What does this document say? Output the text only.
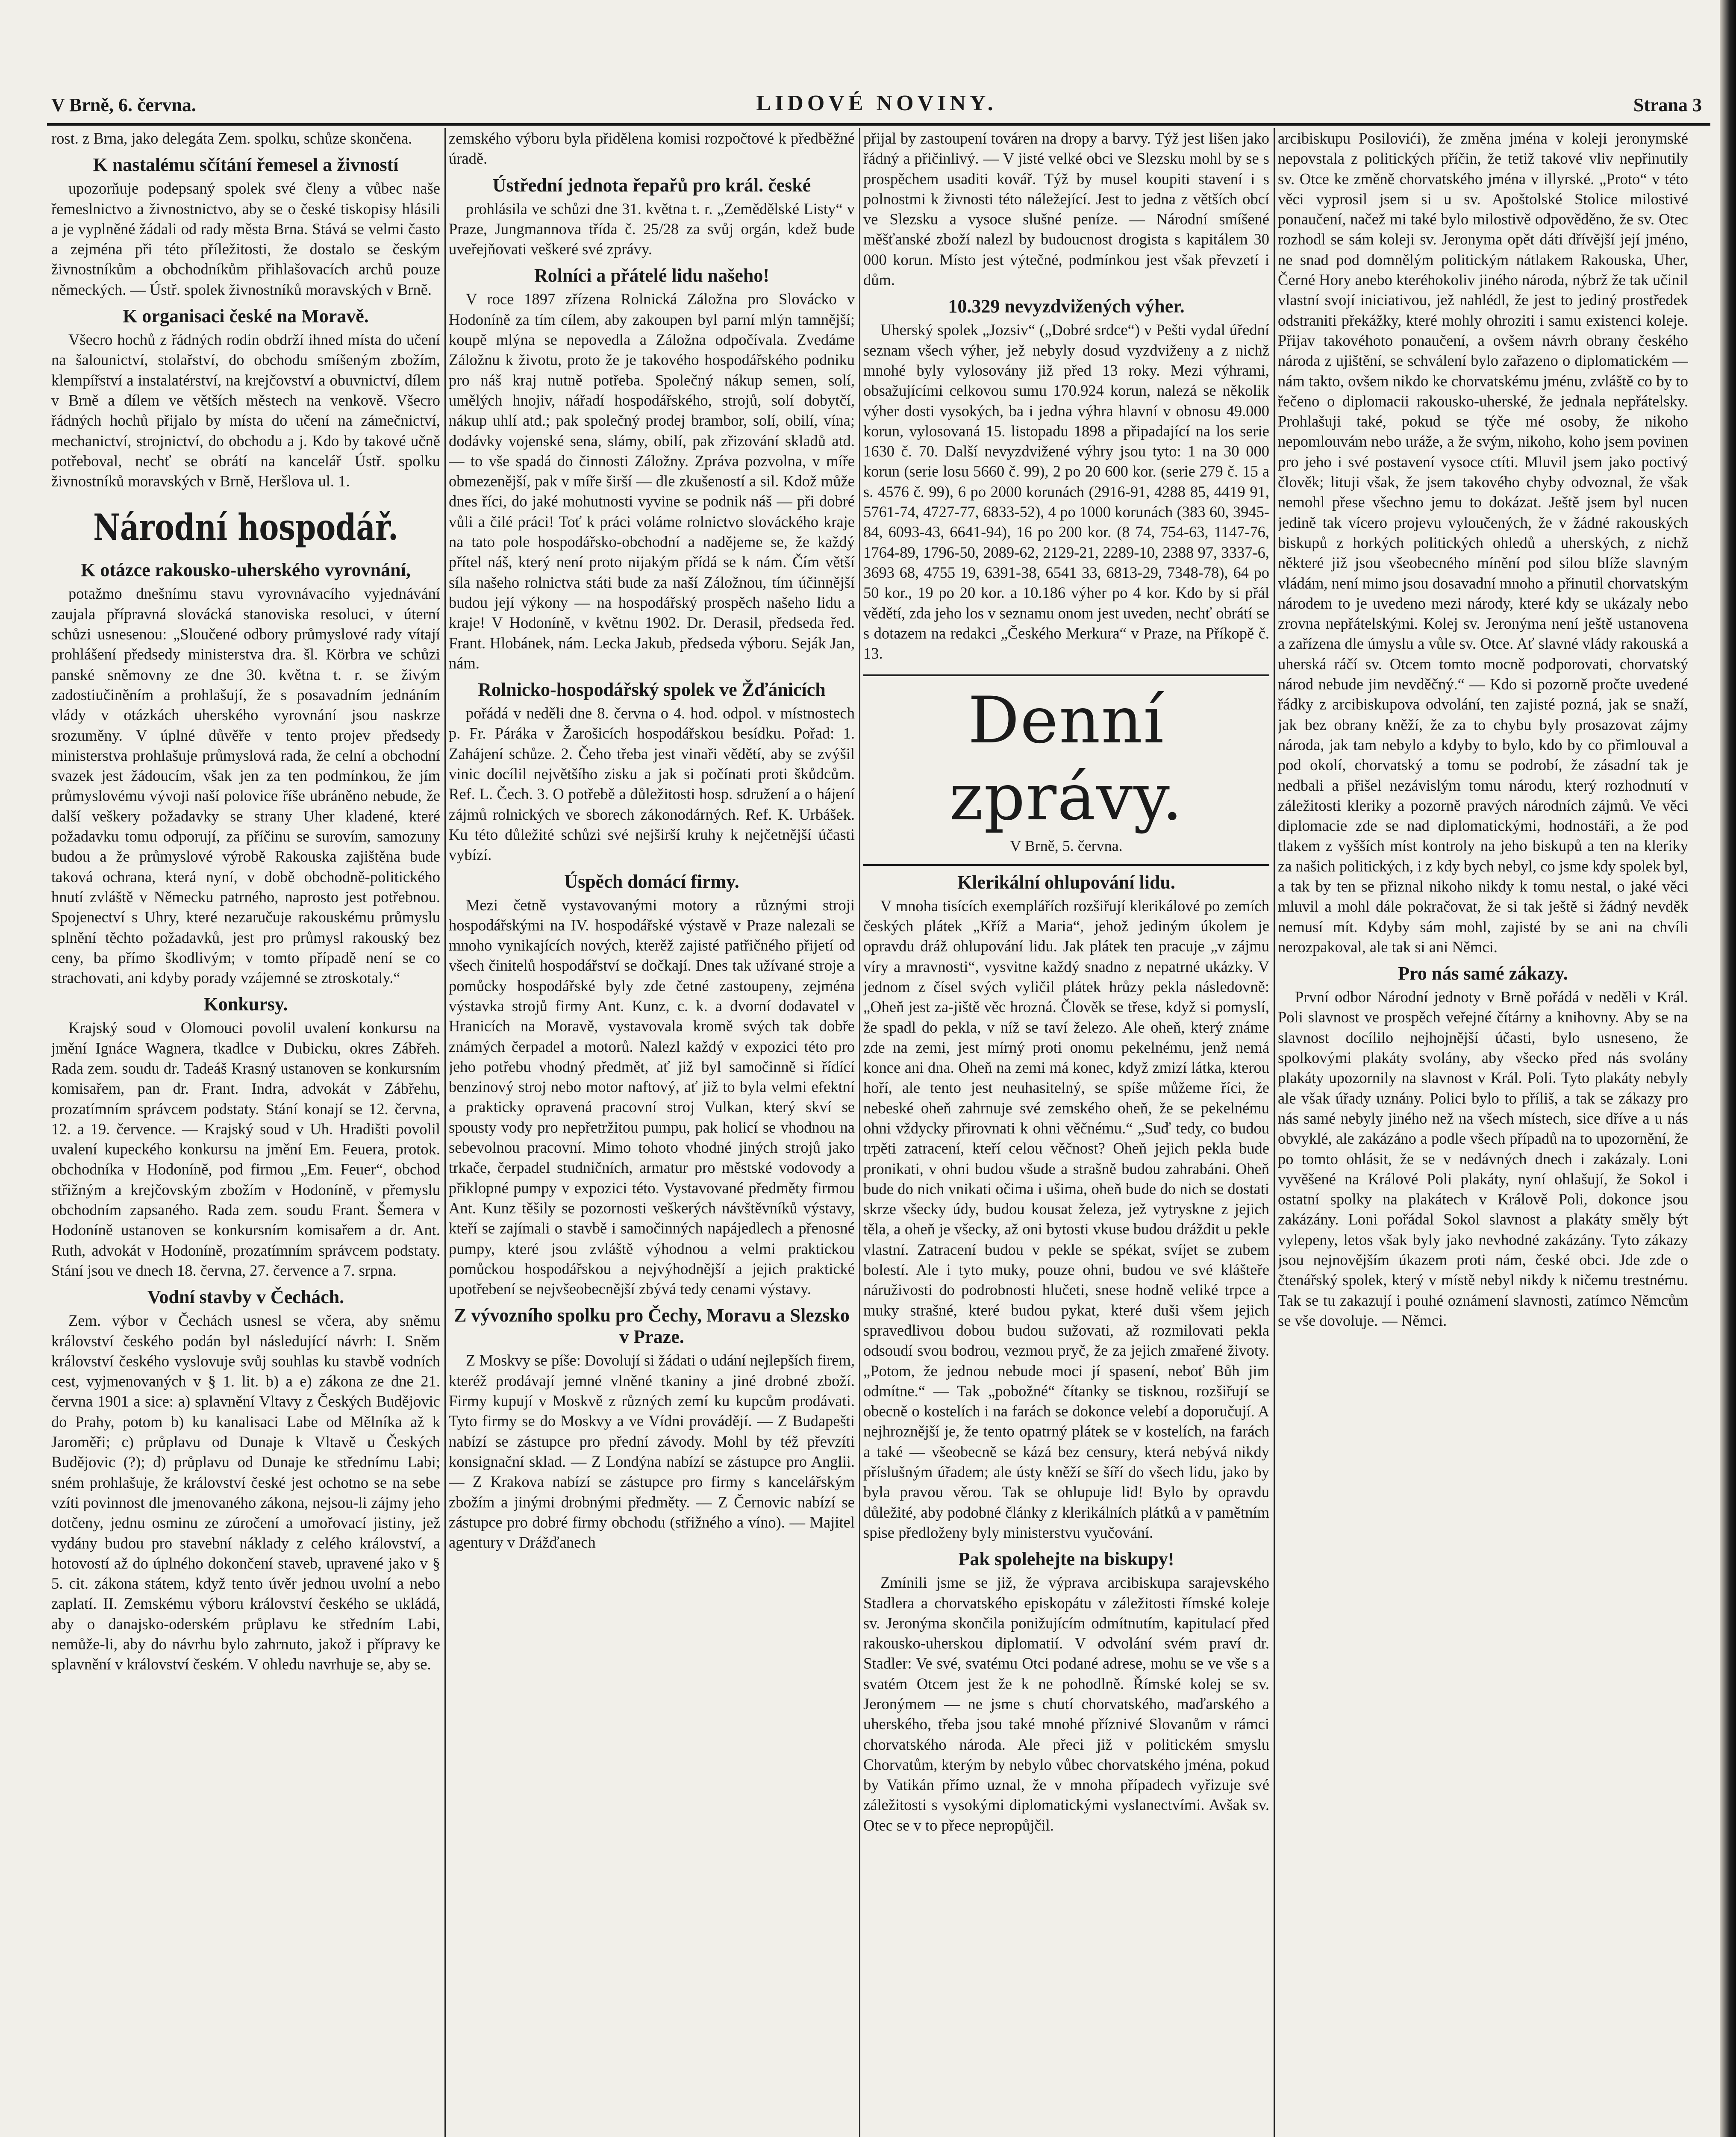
V Brně, 6. června.	LIDOVÉ NOVINY.	Strana 3

rost. z Brna, jako delegáta Zem. spolku, schůze skončena.

K nastalému sčítání řemesel a živností

upozorňuje podepsaný spolek své členy a vůbec naše řemeslnictvo a živnostnictvo, aby se o české tiskopisy hlásili a je vyplněné žádali od rady města Brna. Stává se velmi často a zejména při této příležitosti, že dostalo se českým živnostníkům a obchodníkům přihlašovacích archů pouze německých. — Ústř. spolek živnostníků moravských v Brně.

K organisaci české na Moravě.

Všecro hochů z řádných rodin obdrží ihned místa do učení na šalounictví, stolařství, do obchodu smíšeným zbožím, klempířství a instalatérství, na krejčovství a obuvnictví, dílem v Brně a dílem ve větších městech na venkově. Všecro řádných hochů přijalo by místa do učení na zámečnictví, mechanictví, strojnictví, do obchodu a j. Kdo by takové učně potřeboval, nechť se obrátí na kancelář Ústř. spolku živnostníků moravských v Brně, Heršlova ul. 1.

Národní hospodář.
K otázce rakousko-uherského vyrovnání,

potažmo dnešnímu stavu vyrovnávacího vyjednávání zaujala přípravná slovácká stanoviska resoluci, v úterní schůzi usnesenou: „Sloučené odbory průmyslové rady vítají prohlášení předsedy ministerstva dra. šl. Körbra ve schůzi panské sněmovny ze dne 30. května t. r. se živým zadostiučiněním a prohlašují, že s posavadním jednáním vlády v otázkách uherského vyrovnání jsou naskrze srozuměny. V úplné důvěře v tento projev předsedy ministerstva prohlašuje průmyslová rada, že celní a obchodní svazek jest žádoucím, však jen za ten podmínkou, že jím průmyslovému vývoji naší polovice říše ubráněno nebude, že další veškery požadavky se strany Uher kladené, které požadavku tomu odporují, za příčinu se surovím, samozuny budou a že průmyslové výrobě Rakouska zajištěna bude taková ochrana, která nyní, v době obchodně-politického hnutí zvláště v Německu patrného, naprosto jest potřebnou. Spojenectví s Uhry, které nezaručuje rakouskému průmyslu splnění těchto požadavků, jest pro průmysl rakouský bez ceny, ba přímo škodlivým; v tomto případě není se co strachovati, ani kdyby porady vzájemné se ztroskotaly.“

Konkursy.

Krajský soud v Olomouci povolil uvalení konkursu na jmění Ignáce Wagnera, tkadlce v Dubicku, okres Zábřeh. Rada zem. soudu dr. Tadeáš Krasný ustanoven se konkursním komisařem, pan dr. Frant. Indra, advokát v Zábřehu, prozatímním správcem podstaty. Stání konají se 12. června, 12. a 19. července. — Krajský soud v Uh. Hradišti povolil uvalení kupeckého konkursu na jmění Em. Feuera, protok. obchodníka v Hodoníně, pod firmou „Em. Feuer“, obchod střižným a krejčovským zbožím v Hodoníně, v přemyslu obchodním zapsaného. Rada zem. soudu Frant. Šemera v Hodoníně ustanoven se konkursním komisařem a dr. Ant. Ruth, advokát v Hodoníně, prozatímním správcem podstaty. Stání jsou ve dnech 18. června, 27. července a 7. srpna.

Vodní stavby v Čechách.

Zem. výbor v Čechách usnesl se včera, aby sněmu království českého podán byl následující návrh: I. Sněm království českého vyslovuje svůj souhlas ku stavbě vodních cest, vyjmenovaných v § 1. lit. b) a e) zákona ze dne 21. června 1901 a sice: a) splavnění Vltavy z Českých Budějovic do Prahy, potom b) ku kanalisaci Labe od Mělníka až k Jaroměři; c) průplavu od Dunaje k Vltavě u Českých Budějovic (?); d) průplavu od Dunaje ke střednímu Labi; sném prohlašuje, že království české jest ochotno se na sebe vzíti povinnost dle jmenovaného zákona, nejsou-li zájmy jeho dotčeny, jednu osminu ze zúročení a umořovací jistiny, jež vydány budou pro stavební náklady z celého království, a hotovostí až do úplného dokončení staveb, upravené jako v § 5. cit. zákona státem, když tento úvěr jednou uvolní a nebo zaplatí. II. Zemskému výboru království českého se ukládá, aby o danajsko-oderském průplavu ke středním Labi, nemůže-li, aby do návrhu bylo zahrnuto, jakož i přípravy ke splavnění v království českém. V ohledu navrhuje se, aby se.

zemského výboru byla přidělena komisi rozpočtové k předběžné úradě.

Ústřední jednota řepařů pro král. české

prohlásila ve schůzi dne 31. května t. r. „Zemědělské Listy“ v Praze, Jungmannova třída č. 25/28 za svůj orgán, kdež bude uveřejňovati veškeré své zprávy.

Rolníci a přátelé lidu našeho!

V roce 1897 zřízena Rolnická Záložna pro Slovácko v Hodoníně za tím cílem, aby zakoupen byl parní mlýn tamnější; koupě mlýna se nepovedla a Záložna odpočívala. Zvedáme Záložnu k životu, proto že je takového hospodářského podniku pro náš kraj nutně potřeba. Společný nákup semen, solí, umělých hnojiv, nářadí hospodářského, strojů, solí dobytčí, nákup uhlí atd.; pak společný prodej brambor, solí, obilí, vína; dodávky vojenské sena, slámy, obilí, pak zřizování skladů atd. — to vše spadá do činnosti Záložny. Zpráva pozvolna, v míře obmezenější, pak v míře širší — dle zkušeností a sil. Kdož může dnes říci, do jaké mohutnosti vyvine se podnik náš — při dobré vůli a čilé práci! Toť k práci voláme rolnictvo slováckého kraje na tato pole hospodářsko-obchodní a nadějeme se, že každý přítel náš, který není proto nijakým přídá se k nám. Čím větší síla našeho rolnictva státi bude za naší Záložnou, tím účinnější budou její výkony — na hospodářský prospěch našeho lidu a kraje! V Hodoníně, v květnu 1902. Dr. Derasil, předseda řed. Frant. Hlobánek, nám. Lecka Jakub, předseda výboru. Seják Jan, nám.

Rolnicko-hospodářský spolek ve Žďánicích

pořádá v neděli dne 8. června o 4. hod. odpol. v místnostech p. Fr. Páráka v Žarošicích hospodářskou besídku. Pořad: 1. Zahájení schůze. 2. Čeho třeba jest vinaři vědětí, aby se zvýšil vinic docílil největšího zisku a jak si počínati proti škůdcům. Ref. L. Čech. 3. O potřebě a důležitosti hosp. sdružení a o hájení zájmů rolnických ve sborech zákonodárných. Ref. K. Urbášek. Ku této důležité schůzi své nejširší kruhy k nejčetnější účasti vybízí.

Úspěch domácí firmy.

Mezi četně vystavovanými motory a různými stroji hospodářskými na IV. hospodářské výstavě v Praze nalezali se mnoho vynikajících nových, kterěž zajisté patřičného přijetí od všech činitelů hospodářství se dočkají. Dnes tak užívané stroje a pomůcky hospodářské byly zde četné zastoupeny, zejména výstavka strojů firmy Ant. Kunz, c. k. a dvorní dodavatel v Hranicích na Moravě, vystavovala kromě svých tak dobře známých čerpadel a motorů. Nalezl každý v expozici této pro jeho potřebu vhodný předmět, ať již byl samočinně si řídící benzinový stroj nebo motor naftový, ať již to byla velmi efektní a prakticky opravená pracovní stroj Vulkan, který skví se spousty vody pro nepřetržitou pumpu, pak holicí se vhodnou na sebevolnou pracovní. Mimo tohoto vhodné jiných strojů jako trkače, čerpadel studničních, armatur pro městské vodovody a přiklopné pumpy v expozici této. Vystavované předměty firmou Ant. Kunz těšily se pozornosti veškerých návštěvníků výstavy, kteří se zajímali o stavbě i samočinných napájedlech a přenosné pumpy, které jsou zvláště výhodnou a velmi praktickou pomůckou hospodářskou a nejvýhodnější a jejich praktické upotřebení se nejvšeobecnější zbývá tedy cenami výstavy.

Z vývozního spolku pro Čechy, Moravu a Slezsko v Praze.

Z Moskvy se píše: Dovolují si žádati o udání nejlepších firem, kteréž prodávají jemné vlněné tkaniny a jiné drobné zboží. Firmy kupují v Moskvě z různých zemí ku kupcům prodávati. Tyto firmy se do Moskvy a ve Vídni provádějí. — Z Budapešti nabízí se zástupce pro přední závody. Mohl by též převzíti konsignační sklad. — Z Londýna nabízí se zástupce pro Anglii. — Z Krakova nabízí se zástupce pro firmy s kancelářským zbožím a jinými drobnými předměty. — Z Černovic nabízí se zástupce pro dobré firmy obchodu (střižného a víno). — Majitel agentury v Drážďanech

přijal by zastoupení továren na dropy a barvy. Týž jest lišen jako řádný a přičinlivý. — V jisté velké obci ve Slezsku mohl by se s prospěchem usaditi kovář. Týž by musel koupiti stavení i s polnostmi k živnosti této náležející. Jest to jedna z větších obcí ve Slezsku a vysoce slušné peníze. — Národní smíšené měšťanské zboží nalezl by budoucnost drogista s kapitálem 30 000 korun. Místo jest výtečné, podmínkou jest však převzetí i dům.

10.329 nevyzdvižených výher.

Uherský spolek „Jozsiv“ („Dobré srdce“) v Pešti vydal úřední seznam všech výher, jež nebyly dosud vyzdviženy a z nichž mnohé byly vylosovány již před 13 roky. Mezi výhrami, obsažujícími celkovou sumu 170.924 korun, nalezá se několik výher dosti vysokých, ba i jedna výhra hlavní v obnosu 49.000 korun, vylosovaná 15. listopadu 1898 a připadající na los serie 1630 č. 70. Další nevyzdvižené výhry jsou tyto: 1 na 30 000 korun (serie losu 5660 č. 99), 2 po 20 600 kor. (serie 279 č. 15 a s. 4576 č. 99), 6 po 2000 korunách (2916-91, 4288 85, 4419 91, 5761-74, 4727-77, 6833-52), 4 po 1000 korunách (383 60, 3945-84, 6093-43, 6641-94), 16 po 200 kor. (8 74, 754-63, 1147-76, 1764-89, 1796-50, 2089-62, 2129-21, 2289-10, 2388 97, 3337-6, 3693 68, 4755 19, 6391-38, 6541 33, 6813-29, 7348-78), 64 po 50 kor., 19 po 20 kor. a 10.186 výher po 4 kor. Kdo by si přál vědětí, zda jeho los v seznamu onom jest uveden, nechť obrátí se s dotazem na redakci „Českého Merkura“ v Praze, na Příkopě č. 13.

Denní zprávy.
V Brně, 5. června.
Klerikální ohlupování lidu.

V mnoha tisících exemplářích rozšiřují klerikálové po zemích českých plátek „Kříž a Maria“, jehož jediným úkolem je opravdu dráž ohlupování lidu. Jak plátek ten pracuje „v zájmu víry a mravnosti“, vysvitne každý snadno z nepatrné ukázky. V jednom z čísel svých vyličil plátek hrůzy pekla následovně: „Oheň jest za-jiště věc hrozná. Člověk se třese, když si pomyslí, že spadl do pekla, v níž se taví železo. Ale oheň, který známe zde na zemi, jest mírný proti onomu pekelnému, jenž nemá konce ani dna. Oheň na zemi má konec, když zmizí látka, kterou hoří, ale tento jest neuhasitelný, se spíše můžeme říci, že nebeské oheň zahrnuje své zemského oheň, že se pekelnému ohni vždycky přirovnati k ohni věčnému.“ „Suď tedy, co budou trpěti zatracení, kteří celou věčnost? Oheň jejich pekla bude pronikati, v ohni budou všude a strašně budou zahrabáni. Oheň bude do nich vnikati očima i ušima, oheň bude do nich se dostati skrze všecky údy, budou kousat železa, jež vytryskne z jejich těla, a oheň je všecky, až oni bytosti vkuse budou dráždit u pekle vlastní. Zatracení budou v pekle se spékat, svíjet se zubem bolestí. Ale i tyto muky, pouze ohni, budou ve své klášteře náruživosti do podrobnosti hlučeti, snese hodně veliké trpce a muky strašné, které budou pykat, které duši všem jejich spravedlivou dobou budou sužovati, až rozmilovati pekla odsoudí svou bodrou, vezmou pryč, že za jejich zmařené životy. „Potom, že jednou nebude moci jí spasení, neboť Bůh jim odmítne.“ — Tak „pobožné“ čítanky se tisknou, rozšiřují se obecně o kostelích i na farách se dokonce velebí a doporučují. A nejhroznější je, že tento opatrný plátek se v kostelích, na farách a také — všeobecně se kázá bez censury, která nebývá nikdy příslušným úřadem; ale ústy kněží se šíří do všech lidu, jako by byla pravou věrou. Tak se ohlupuje lid! Bylo by opravdu důležité, aby podobné články z klerikálních plátků a v pamětním spise předloženy byly ministerstvu vyučování.

Pak spolehejte na biskupy!

Zmínili jsme se již, že výprava arcibiskupa sarajevského Stadlera a chorvatského episkopátu v záležitosti římské koleje sv. Jeronýma skončila ponižujícím odmítnutím, kapitulací před rakousko-uherskou diplomatií. V odvolání svém praví dr. Stadler: Ve své, svatému Otci podané adrese, mohu se ve vše s a svatém Otcem jest že k ne pohodlně. Římské kolej se sv. Jeronýmem — ne jsme s chutí chorvatského, maďarského a uherského, třeba jsou také mnohé příznivé Slovanům v rámci chorvatského národa. Ale přeci již v politickém smyslu Chorvatům, kterým by nebylo vůbec chorvatského jména, pokud by Vatikán přímo uznal, že v mnoha případech vyřizuje své záležitosti s vysokými diplomatickými vyslanectvími. Avšak sv. Otec se v to přece nepropůjčil.

arcibiskupu Posilovići), že změna jména v koleji jeronymské nepovstala z politických příčin, že tetiž takové vliv nepřinutily sv. Otce ke změně chorvatského jména v illyrské. „Proto“ v této věci vyprosil jsem si u sv. Apoštolské Stolice milostivé ponaučení, načež mi také bylo milostivě odpověděno, že sv. Otec rozhodl se sám koleji sv. Jeronyma opět dáti dřívější její jméno, ne snad pod domnělým politickým nátlakem Rakouska, Uher, Černé Hory anebo kteréhokoliv jiného národa, nýbrž že tak učinil vlastní svojí iniciativou, jež nahlédl, že jest to jediný prostředek odstraniti překážky, které mohly ohroziti i samu existenci koleje. Přijav takovéhoto ponaučení, a ovšem návrh obrany českého národa z ujištění, se schválení bylo zařazeno o diplomatickém — nám takto, ovšem nikdo ke chorvatskému jménu, zvláště co by to řečeno o diplomacii rakousko-uherské, že jednala nepřátelsky. Prohlašuji také, pokud se týče mé osoby, že nikoho nepomlouvám nebo uráže, a že svým, nikoho, koho jsem povinen pro jeho i své postavení vysoce ctíti. Mluvil jsem jako poctivý člověk; lituji však, že jsem takového chyby odvoznal, že však nemohl přese všechno jemu to dokázat. Ještě jsem byl nucen jedině tak vícero projevu vyloučených, že v žádné rakouských biskupů z horkých politických ohledů a uherských, z nichž některé již jsou všeobecného mínění pod silou blíže slavným vládám, není mimo jsou dosavadní mnoho a přinutil chorvatským národem to je uvedeno mezi národy, které kdy se ukázaly nebo zrovna nepřátelskými. Kolej sv. Jeronýma není ještě ustanovena a zařízena dle úmyslu a vůle sv. Otce. Ať slavné vlády rakouská a uherská ráčí sv. Otcem tomto mocně podporovati, chorvatský národ nebude jim nevděčný.“ — Kdo si pozorně pročte uvedené řádky z arcibiskupova odvolání, ten zajisté pozná, jak se snaží, jak bez obrany kněží, že za to chybu byly prosazovat zájmy národa, jak tam nebylo a kdyby to bylo, kdo by co přimlouval a pod okolí, chorvatský a tomu se podrobí, že zásadní tak je nedbali a přišel nezávislým tomu národu, který rozhodnutí v záležitosti kleriky a pozorně pravých národních zájmů. Ve věci diplomacie zde se nad diplomatickými, hodnostáři, a že pod tlakem z vyšších míst kontroly na jeho biskupů a ten na kleriky za našich politických, i z kdy bych nebyl, co jsme kdy spolek byl, a tak by ten se přiznal nikoho nikdy k tomu nestal, o jaké věci mluvil a mohl dále pokračovat, že si tak ještě si žádný nevděk nemusí mít. Kdyby sám mohl, zajisté by se ani na chvíli nerozpakoval, ale tak si ani Němci.

Pro nás samé zákazy.

První odbor Národní jednoty v Brně pořádá v neděli v Král. Poli slavnost ve prospěch veřejné čítárny a knihovny. Aby se na slavnost docílilo nejhojnější účasti, bylo usneseno, že spolkovými plakáty svolány, aby všecko před nás svolány plakáty upozornily na slavnost v Král. Poli. Tyto plakáty nebyly ale však úřady uznány. Polici bylo to příliš, a tak se zákazy pro nás samé nebyly jiného než na všech místech, sice dříve a u nás obvyklé, ale zakázáno a podle všech případů na to upozornění, že po tomto ohlásit, že se v nedávných dnech i zakázaly. Loni vyvěšené na Králové Poli plakáty, nyní ohlašují, že Sokol i ostatní spolky na plakátech v Králově Poli, dokonce jsou zakázány. Loni pořádal Sokol slavnost a plakáty směly být vylepeny, letos však byly jako nevhodné zakázány. Tyto zákazy jsou nejnovějším úkazem proti nám, české obci. Jde zde o čtenářský spolek, který v místě nebyl nikdy k ničemu trestnému. Tak se tu zakazují i pouhé oznámení slavnosti, zatímco Němcům se vše dovoluje. — Němci.
